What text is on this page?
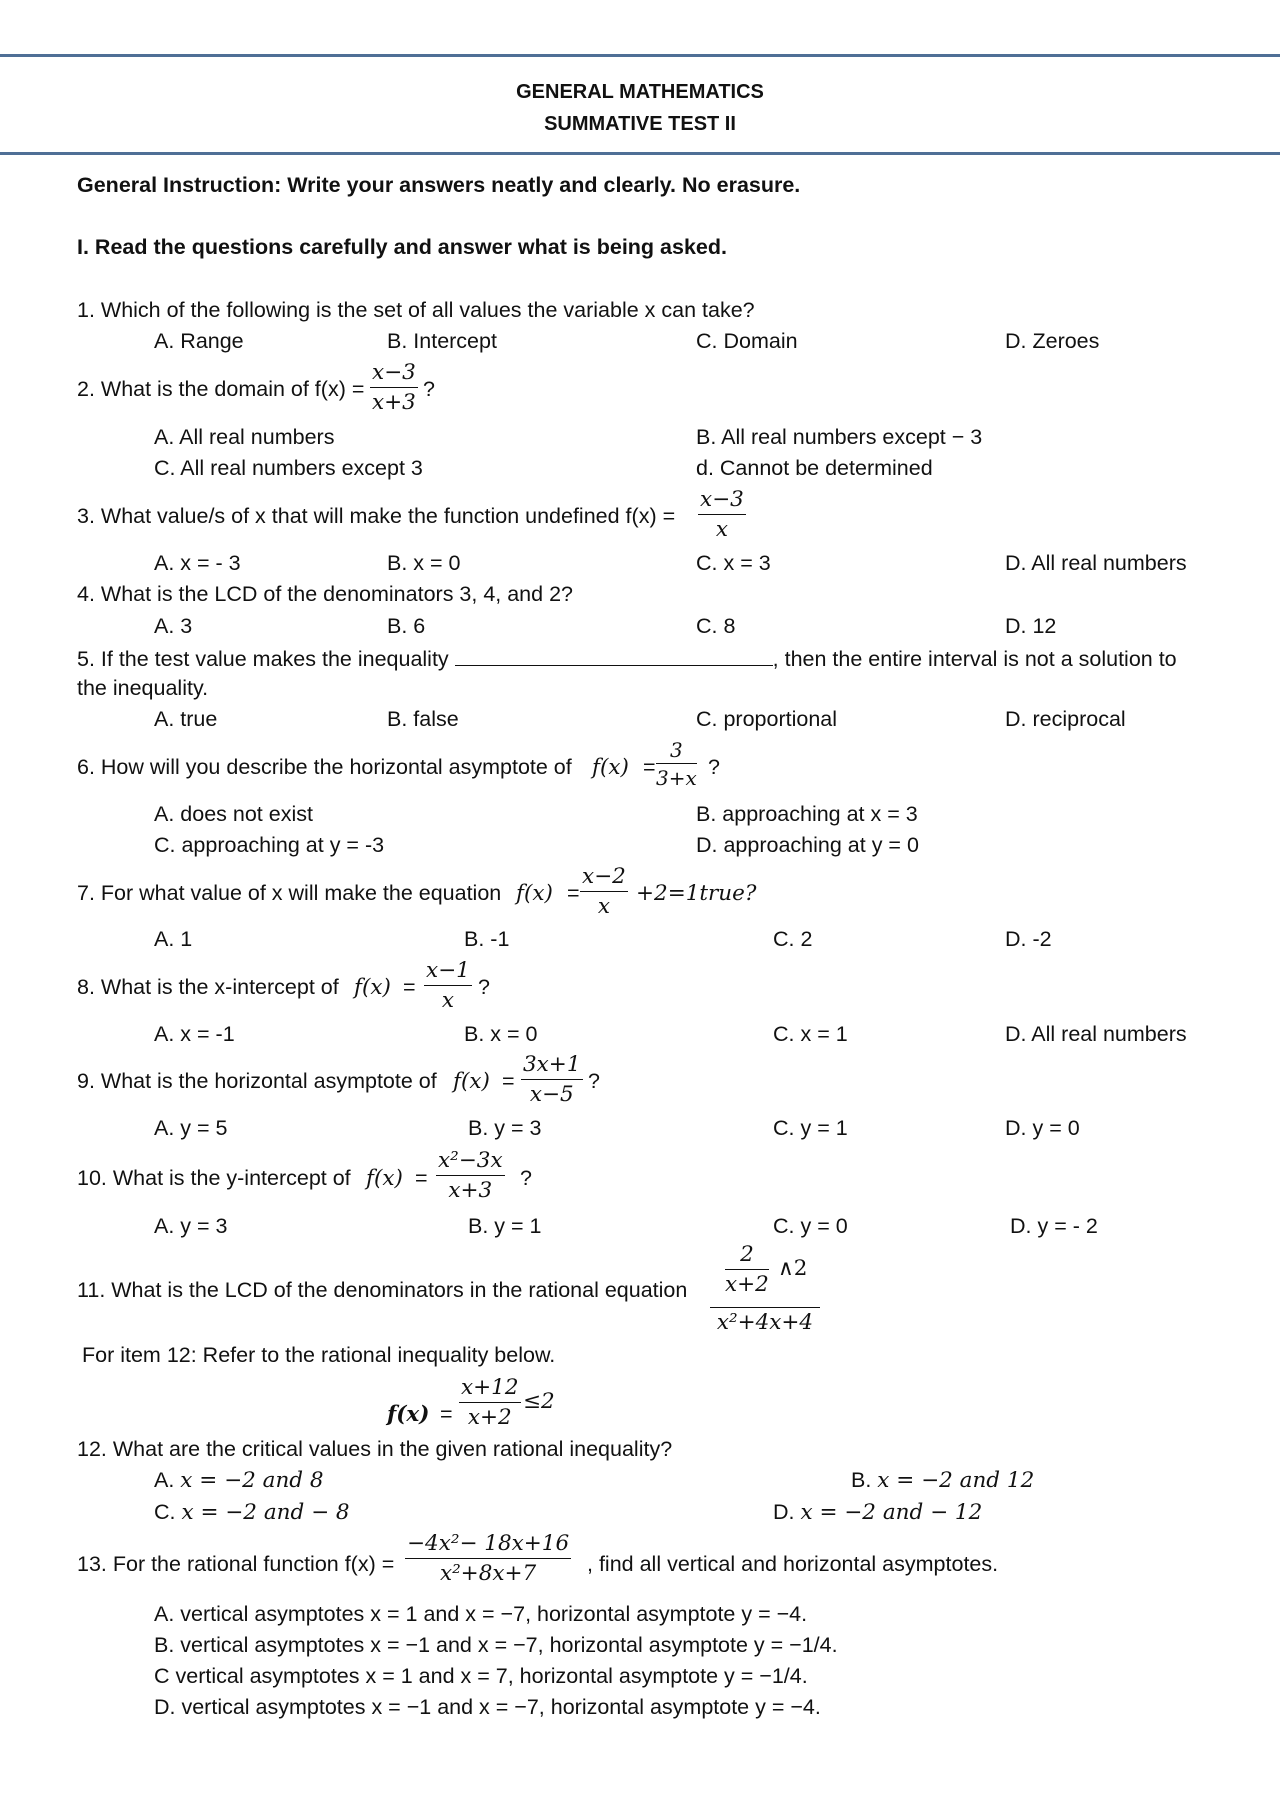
GENERAL MATHEMATICS
SUMMATIVE TEST II
General Instruction: Write your answers neatly and clearly. No erasure.
I. Read the questions carefully and answer what is being asked.
1. Which of the following is the set of all values the variable x can take?
A. Range	B. Intercept	C. Domain	D. Zeroes
2. What is the domain of f(x) =
x−3
x+3
?
A. All real numbers	B. All real numbers except − 3
C. All real numbers except 3	d. Cannot be determined
3. What value/s of x that will make the function undefined f(x) =
x−3
x
A. x = - 3	B. x = 0	C. x = 3	D. All real numbers
4. What is the LCD of the denominators 3, 4, and 2?
A. 3	B. 6	C. 8	D. 12
5. If the test value makes the inequality	, then the entire interval is not a solution to
the inequality.
A. true	B. false	C. proportional	D. reciprocal
6. How will you describe the horizontal asymptote of f(x) =
3
3+x ?
A. does not exist	B. approaching at x = 3
C. approaching at y = -3	D. approaching at y = 0
7. For what value of x will make the equation f(x) =
x−2
x	+2=1true?
A. 1	B. -1	C. 2	D. -2
8. What is the x-intercept of f(x) =
x−1
x
?
A. x = -1	B. x = 0	C. x = 1	D. All real numbers
9. What is the horizontal asymptote of f(x) =
3x+1
x−5
?
A. y = 5	B. y = 3	C. y = 1	D. y = 0
10. What is the y-intercept of f(x) =
x²−3x
x+3	?
A. y = 3	B. y = 1	C. y = 0	D. y = - 2
11. What is the LCD of the denominators in the rational equation
2
x+2
∧2
x²+4x+4
For item 12: Refer to the rational inequality below.
f(x) =
x+12
x+2
≤2
12. What are the critical values in the given rational inequality?
A. x = −2 and 8	B. x = −2 and 12
C. x = −2 and − 8	D. x = −2 and − 12
13. For the rational function f(x) =
−4x²− 18x+16
x²+8x+7	, find all vertical and horizontal asymptotes.
A. vertical asymptotes x = 1 and x = −7, horizontal asymptote y = −4.
B. vertical asymptotes x = −1 and x = −7, horizontal asymptote y = −1/4.
C vertical asymptotes x = 1 and x = 7, horizontal asymptote y = −1/4.
D. vertical asymptotes x = −1 and x = −7, horizontal asymptote y = −4.
